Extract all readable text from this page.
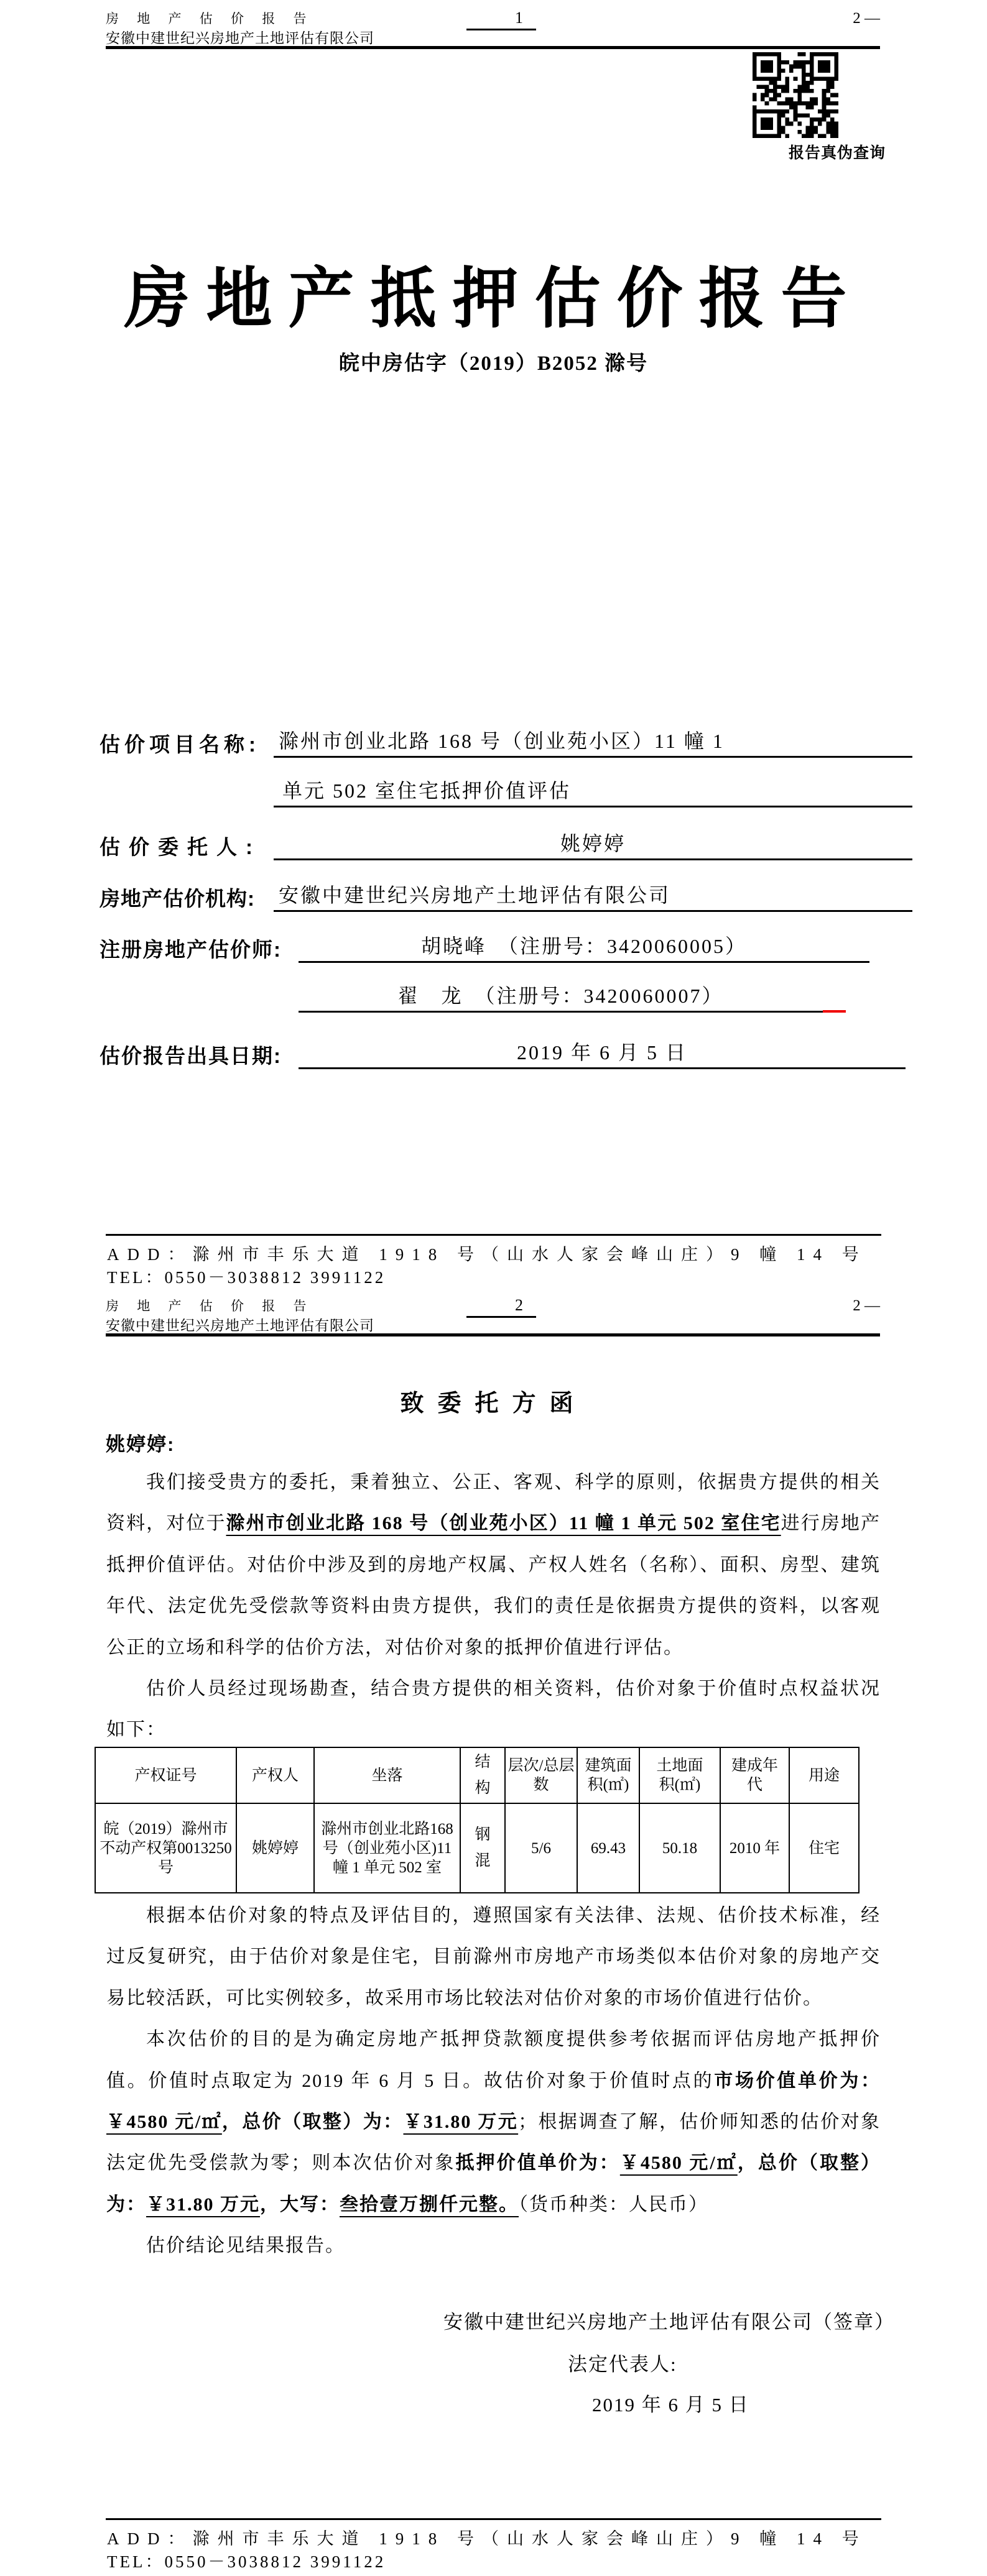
房 地 产 估 价 报 告	1	2 —
安徽中建世纪兴房地产土地评估有限公司
报告真伪查询
房地产抵押估价报告
皖中房估字（2019）B2052 滁号
估价项目名称: 滁州市创业北路 168 号（创业苑小区）11 幢 1
单元 502 室住宅抵押价值评估
估价委托人:	姚婷婷
房地产估价机构:	安徽中建世纪兴房地产土地评估有限公司
注册房地产估价师:	胡晓峰　（注册号：3420060005）
翟　龙　（注册号：3420060007）
估价报告出具日期:	2019 年 6 月 5 日
ADD：滁州市丰乐大道 1918 号（山水人家会峰山庄）9 幢 14 号
TEL：0550－3038812 3991122
房 地 产 估 价 报 告	2	2 —
安徽中建世纪兴房地产土地评估有限公司
致委托方函
姚婷婷:

我们接受贵方的委托，秉着独立、公正、客观、科学的原则，依据贵方提供的相关资料，对位于滁州市创业北路 168 号（创业苑小区）11 幢 1 单元 502 室住宅进行房地产抵押价值评估。对估价中涉及到的房地产权属、产权人姓名（名称）、面积、房型、建筑年代、法定优先受偿款等资料由贵方提供，我们的责任是依据贵方提供的资料，以客观公正的立场和科学的估价方法，对估价对象的抵押价值进行评估。

估价人员经过现场勘查，结合贵方提供的相关资料，估价对象于价值时点权益状况如下：

产权证号	产权人	坐落	结构	层次/总层数	建筑面积(㎡)	土地面积(㎡)	建成年代	用途
皖（2019）滁州市不动产权第0013250 号	姚婷婷	滁州市创业北路168 号（创业苑小区)11 幢 1 单元 502 室	钢混	5/6	69.43	50.18	2010 年	住宅

根据本估价对象的特点及评估目的，遵照国家有关法律、法规、估价技术标准，经过反复研究，由于估价对象是住宅，目前滁州市房地产市场类似本估价对象的房地产交易比较活跃，可比实例较多，故采用市场比较法对估价对象的市场价值进行估价。

本次估价的目的是为确定房地产抵押贷款额度提供参考依据而评估房地产抵押价值。价值时点取定为 2019 年 6 月 5 日。故估价对象于价值时点的市场价值单价为：￥4580 元/㎡，总价（取整）为：￥31.80 万元；根据调查了解，估价师知悉的估价对象法定优先受偿款为零；则本次估价对象抵押价值单价为：￥4580 元/㎡，总价（取整）为：￥31.80 万元，大写：叁拾壹万捌仟元整。（货币种类：人民币）

估价结论见结果报告。

安徽中建世纪兴房地产土地评估有限公司（签章）
法定代表人:
2019 年 6 月 5 日
ADD：滁州市丰乐大道 1918 号（山水人家会峰山庄）9 幢 14 号
TEL：0550－3038812 3991122
